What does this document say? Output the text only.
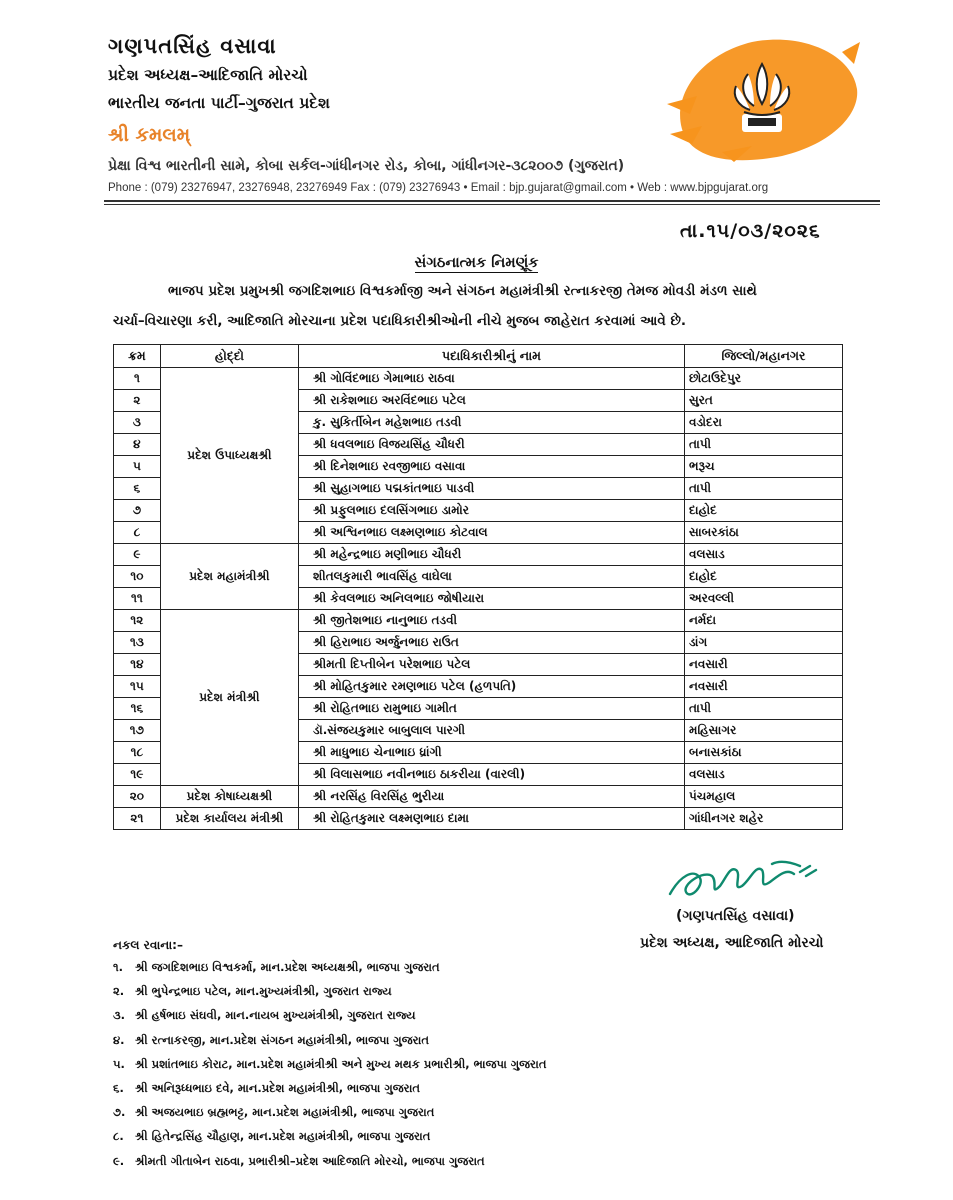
ગણપતસિંહ વસાવા
પ્રદેશ અધ્યક્ષ–આદિજાતિ મોરચો
ભારતીય જનતા પાર્ટી–ગુજરાત પ્રદેશ
શ્રી કમલમ્
પ્રેક્ષા વિશ્વ ભારતીની સામે, કોબા સર્કલ-ગાંધીનગર રોડ, કોબા, ગાંધીનગર-૩૮૨૦૦૭ (ગુજરાત)
Phone : (079) 23276947, 23276948, 23276949 Fax : (079) 23276943 • Email : bjp.gujarat@gmail.com • Web : www.bjpgujarat.org
તા.૧૫/૦૩/૨૦૨૬
સંગઠનાત્મક નિમણૂંક
ભાજપ પ્રદેશ પ્રમુખશ્રી જગદિશભાઇ વિશ્વકર્માજી અને સંગઠન મહામંત્રીશ્રી રત્નાકરજી તેમજ મોવડી મંડળ સાથે
ચર્ચા–વિચારણા કરી, આદિજાતિ મોરચાના પ્રદેશ પદાધિકારીશ્રીઓની નીચે મુજબ જાહેરાત કરવામાં આવે છે.
ક્રમ	હોદ્દો	પદાધિકારીશ્રીનું નામ	જિલ્લો/મહાનગર
૧	પ્રદેશ ઉપાધ્યક્ષશ્રી	શ્રી ગોવિંદભાઇ ગેમાભાઇ રાઠવા	છોટાઉદેપુર
૨		શ્રી રાકેશભાઇ અરવિંદભાઇ પટેલ	સુરત
૩		કુ. સુકિર્તીબેન મહેશભાઇ તડવી	વડોદરા
૪		શ્રી ધવલભાઇ વિજયસિંહ ચૌધરી	તાપી
૫		શ્રી દિનેશભાઇ રવજીભાઇ વસાવા	ભરૂચ
૬		શ્રી સુહાગભાઇ પદ્મકાંતભાઇ પાડવી	તાપી
૭		શ્રી પ્રફુલભાઇ દલસિંગભાઇ ડામોર	દાહોદ
૮		શ્રી અશ્વિનભાઇ લક્ષ્મણભાઇ કોટવાલ	સાબરકાંઠા
૯	પ્રદેશ મહામંત્રીશ્રી	શ્રી મહેન્દ્રભાઇ મણીભાઇ ચૌધરી	વલસાડ
૧૦		શીતલકુમારી ભાવસિંહ વાઘેલા	દાહોદ
૧૧		શ્રી કેવલભાઇ અનિલભાઇ જોષીયારા	અરવલ્લી
૧૨	પ્રદેશ મંત્રીશ્રી	શ્રી જીતેશભાઇ નાનુભાઇ તડવી	નર્મદા
૧૩		શ્રી હિરાભાઇ અર્જુનભાઇ રાઉત	ડાંગ
૧૪		શ્રીમતી દિપ્તીબેન પરેશભાઇ પટેલ	નવસારી
૧૫		શ્રી મોહિતકુમાર રમણભાઇ પટેલ (હળપતિ)	નવસારી
૧૬		શ્રી રોહિતભાઇ રામુભાઇ ગામીત	તાપી
૧૭		ડૉ.સંજયકુમાર બાબુલાલ પારગી	મહિસાગર
૧૮		શ્રી માધુભાઇ ચેનાભાઇ ધ્રાંગી	બનાસકાંઠા
૧૯		શ્રી વિલાસભાઇ નવીનભાઇ ઠાકરીયા (વારલી)	વલસાડ
૨૦	પ્રદેશ કોષાધ્યક્ષશ્રી	શ્રી નરસિંહ વિરસિંહ ભુરીયા	પંચમહાલ
૨૧	પ્રદેશ કાર્યાલય મંત્રીશ્રી	શ્રી રોહિતકુમાર લક્ષ્મણભાઇ દામા	ગાંધીનગર શહેર
(ગણપતસિંહ વસાવા)
પ્રદેશ અધ્યક્ષ, આદિજાતિ મોરચો
નકલ રવાના:–
૧. શ્રી જગદિશભાઇ વિશ્વકર્મા, માન.પ્રદેશ અધ્યક્ષશ્રી, ભાજપા ગુજરાત
૨. શ્રી ભુપેન્દ્રભાઇ પટેલ, માન.મુખ્યમંત્રીશ્રી, ગુજરાત રાજ્ય
૩. શ્રી હર્ષભાઇ સંઘવી, માન.નાયબ મુખ્યમંત્રીશ્રી, ગુજરાત રાજ્ય
૪. શ્રી રત્નાકરજી, માન.પ્રદેશ સંગઠન મહામંત્રીશ્રી, ભાજપા ગુજરાત
૫. શ્રી પ્રશાંતભાઇ કોરાટ, માન.પ્રદેશ મહામંત્રીશ્રી અને મુખ્ય મથક પ્રભારીશ્રી, ભાજપા ગુજરાત
૬. શ્રી અનિરૂધ્ધભાઇ દવે, માન.પ્રદેશ મહામંત્રીશ્રી, ભાજપા ગુજરાત
૭. શ્રી અજયભાઇ બ્રહ્મભટ્ટ, માન.પ્રદેશ મહામંત્રીશ્રી, ભાજપા ગુજરાત
૮. શ્રી હિતેન્દ્રસિંહ ચૌહાણ, માન.પ્રદેશ મહામંત્રીશ્રી, ભાજપા ગુજરાત
૯. શ્રીમતી ગીતાબેન રાઠવા, પ્રભારીશ્રી–પ્રદેશ આદિજાતિ મોરચો, ભાજપા ગુજરાત
